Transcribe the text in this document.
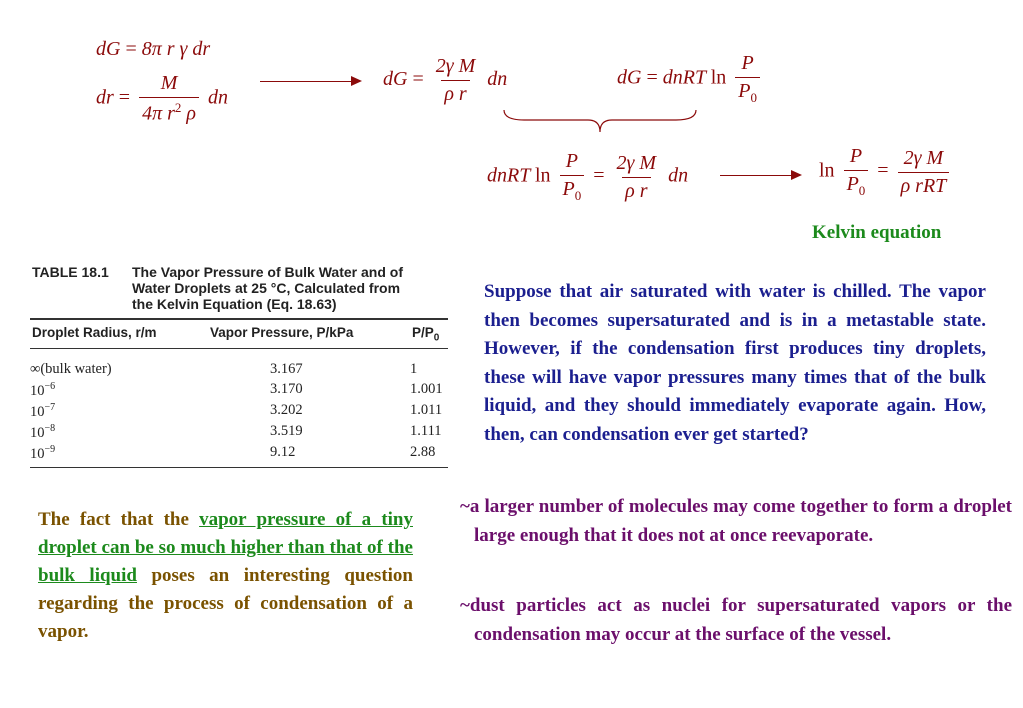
dG = 8π r γ dr
dr = $\frac{M}{4\pi r^2 \rho}$ dn
dG = $\frac{\text{2γ M}}{\text{ρ r}}$ dn	dG = dnRT $\ln \frac{P}{P_0}$
dnRT $\ln \frac{P}{P_0} = \frac{\text{2γ M}}{\text{ρ r}}$ dn	$\ln \frac{P}{P_0} = \frac{\text{2γ M}}{\text{ρ rRT}}$
Kelvin equation
TABLE 18.1 The Vapor Pressure of Bulk Water and of
Water Droplets at 25 °C, Calculated from
the Kelvin Equation (Eq. 18.63)
Droplet Radius, r/m	Vapor Pressure, P/kPa	$P/P_0$
∞(bulk water)	3.167	1
$10^{-6}$	3.170	1.001
$10^{-7}$	3.202	1.011
$10^{-8}$	3.519	1.111
$10^{-9}$	9.12	2.88
Suppose that air saturated with water is chilled. The vapor then becomes supersaturated and is in a metastable state. However, if the condensation first produces tiny droplets, these will have vapor pressures many times that of the bulk liquid, and they should immediately evaporate again. How, then, can condensation ever get started?
The fact that the vapor pressure of a tiny droplet can be so much higher than that of the bulk liquid poses an interesting question regarding the process of condensation of a vapor.
~a larger number of molecules may come together to form a droplet large enough that it does not at once reevaporate.
~dust particles act as nuclei for supersaturated vapors or the condensation may occur at the surface of the vessel.
